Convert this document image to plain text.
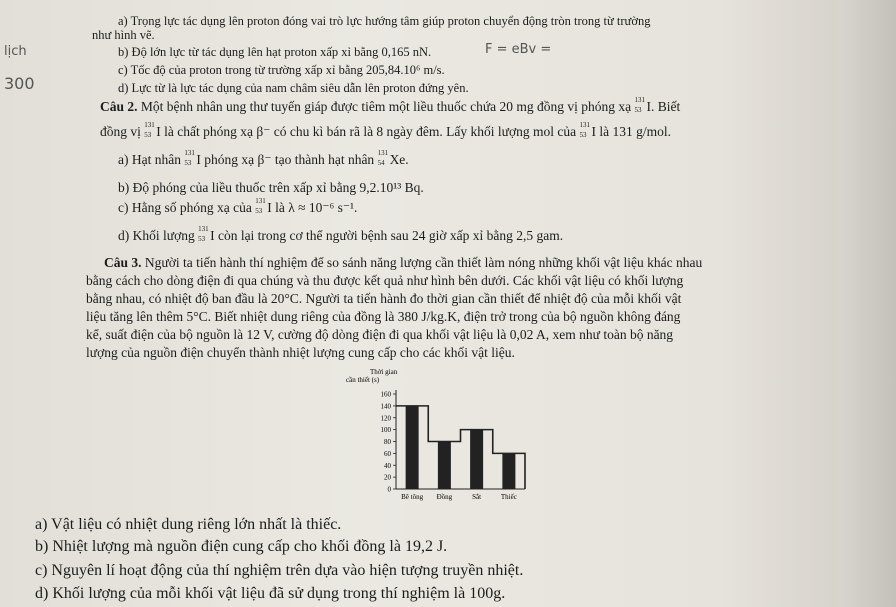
a) Trọng lực tác dụng lên proton đóng vai trò lực hướng tâm giúp proton chuyển động tròn trong từ trường
như hình vẽ.
b) Độ lớn lực từ tác dụng lên hạt proton xấp xỉ bằng 0,165 nN.
c) Tốc độ của proton trong từ trường xấp xỉ bằng 205,84.10⁶ m/s.
d) Lực từ là lực tác dụng của nam châm siêu dẫn lên proton đứng yên.
F = eBv =
lịch
300
Câu 2. Một bệnh nhân ung thư tuyến giáp được tiêm một liều thuốc chứa 20 mg đồng vị phóng xạ 131
53 I. Biết
đồng vị 131
53 I là chất phóng xạ β⁻ có chu kì bán rã là 8 ngày đêm. Lấy khối lượng mol của 131
53 I là 131 g/mol.
a) Hạt nhân 131
53 I phóng xạ β⁻ tạo thành hạt nhân 131
54 Xe.
b) Độ phóng của liều thuốc trên xấp xỉ bằng 9,2.10¹³ Bq.
c) Hằng số phóng xạ của 131
53 I là λ ≈ 10⁻⁶ s⁻¹.
d) Khối lượng 131
53 I còn lại trong cơ thể người bệnh sau 24 giờ xấp xỉ bằng 2,5 gam.
Câu 3. Người ta tiến hành thí nghiệm để so sánh năng lượng cần thiết làm nóng những khối vật liệu khác nhau
bằng cách cho dòng điện đi qua chúng và thu được kết quả như hình bên dưới. Các khối vật liệu có khối lượng
bằng nhau, có nhiệt độ ban đầu là 20°C. Người ta tiến hành đo thời gian cần thiết để nhiệt độ của mỗi khối vật
liệu tăng lên thêm 5°C. Biết nhiệt dung riêng của đồng là 380 J/kg.K, điện trở trong của bộ nguồn không đáng
kể, suất điện của bộ nguồn là 12 V, cường độ dòng điện đi qua khối vật liệu là 0,02 A, xem như toàn bộ năng
lượng của nguồn điện chuyển thành nhiệt lượng cung cấp cho các khối vật liệu.
Thời gian
cần thiết (s)
0
20
40
60
80
100
120
140
160
Bê tông Đồng	Sắt	Thiếc
a) Vật liệu có nhiệt dung riêng lớn nhất là thiếc.
b) Nhiệt lượng mà nguồn điện cung cấp cho khối đồng là 19,2 J.
c) Nguyên lí hoạt động của thí nghiệm trên dựa vào hiện tượng truyền nhiệt.
d) Khối lượng của mỗi khối vật liệu đã sử dụng trong thí nghiệm là 100g.
